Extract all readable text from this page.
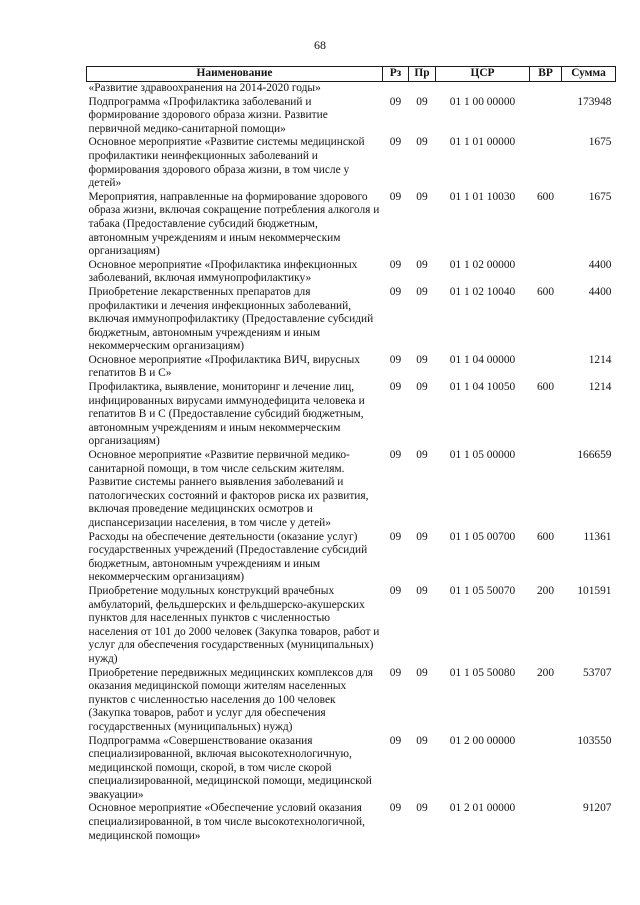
68
Наименование	Рз	Пр	ЦСР	ВР	Сумма
«Развитие здравоохранения на 2014-2020 годы»					
Подпрограмма «Профилактика заболеваний и формирование здорового образа жизни. Развитие первичной медико-санитарной помощи»	09	09	01 1 00 00000		173948
Основное мероприятие «Развитие системы медицинской профилактики неинфекционных заболеваний и формирования здорового образа жизни, в том числе у детей»	09	09	01 1 01 00000		1675
Мероприятия, направленные на формирование здорового образа жизни, включая сокращение потребления алкоголя и табака (Предоставление субсидий бюджетным, автономным учреждениям и иным некоммерческим организациям)	09	09	01 1 01 10030	600	1675
Основное мероприятие «Профилактика инфекционных заболеваний, включая иммунопрофилактику»	09	09	01 1 02 00000		4400
Приобретение лекарственных препаратов для профилактики и лечения инфекционных заболеваний, включая иммунопрофилактику (Предоставление субсидий бюджетным, автономным учреждениям и иным некоммерческим организациям)	09	09	01 1 02 10040	600	4400
Основное мероприятие «Профилактика ВИЧ, вирусных гепатитов В и С»	09	09	01 1 04 00000		1214
Профилактика, выявление, мониторинг и лечение лиц, инфицированных вирусами иммунодефицита человека и гепатитов В и С (Предоставление субсидий бюджетным, автономным учреждениям и иным некоммерческим организациям)	09	09	01 1 04 10050	600	1214
Основное мероприятие «Развитие первичной медико-санитарной помощи, в том числе сельским жителям. Развитие системы раннего выявления заболеваний и патологических состояний и факторов риска их развития, включая проведение медицинских осмотров и диспансеризации населения, в том числе у детей»	09	09	01 1 05 00000		166659
Расходы на обеспечение деятельности (оказание услуг) государственных учреждений (Предоставление субсидий бюджетным, автономным учреждениям и иным некоммерческим организациям)	09	09	01 1 05 00700	600	11361
Приобретение модульных конструкций врачебных амбулаторий, фельдшерских и фельдшерско-акушерских пунктов для населенных пунктов с численностью населения от 101 до 2000 человек (Закупка товаров, работ и услуг для обеспечения государственных (муниципальных) нужд)	09	09	01 1 05 50070	200	101591
Приобретение передвижных медицинских комплексов для оказания медицинской помощи жителям населенных пунктов с численностью населения до 100 человек (Закупка товаров, работ и услуг для обеспечения государственных (муниципальных) нужд)	09	09	01 1 05 50080	200	53707
Подпрограмма «Совершенствование оказания специализированной, включая высокотехнологичную, медицинской помощи, скорой, в том числе скорой специализированной, медицинской помощи, медицинской эвакуации»	09	09	01 2 00 00000		103550
Основное мероприятие «Обеспечение условий оказания специализированной, в том числе высокотехнологичной, медицинской помощи»	09	09	01 2 01 00000		91207
